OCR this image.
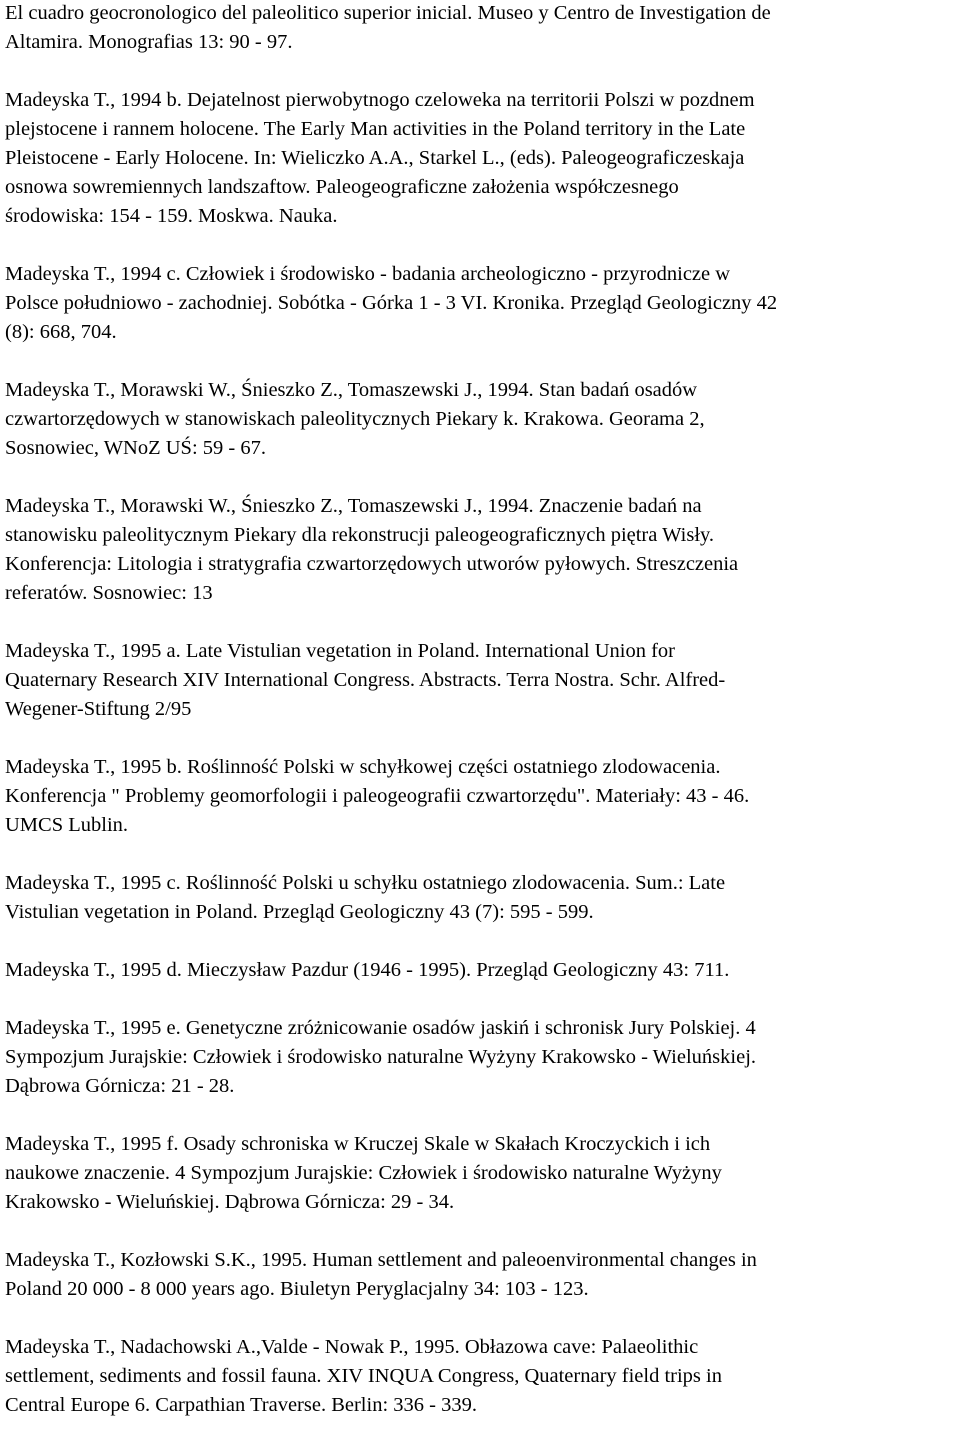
El cuadro geocronologico del paleolitico superior inicial. Museo y Centro de Investigation de
Altamira. Monografias 13: 90 - 97.

Madeyska T., 1994 b. Dejatelnost pierwobytnogo czeloweka na territorii Polszi w pozdnem
plejstocene i rannem holocene. The Early Man activities in the Poland territory in the Late
Pleistocene - Early Holocene. In: Wieliczko A.A., Starkel L., (eds). Paleogeograficzeskaja
osnowa sowremiennych landszaftow. Paleogeograficzne założenia współczesnego
środowiska: 154 - 159. Moskwa. Nauka.

Madeyska T., 1994 c. Człowiek i środowisko - badania archeologiczno - przyrodnicze w
Polsce południowo - zachodniej. Sobótka - Górka 1 - 3 VI. Kronika. Przegląd Geologiczny 42
(8): 668, 704.

Madeyska T., Morawski W., Śnieszko Z., Tomaszewski J., 1994. Stan badań osadów
czwartorzędowych w stanowiskach paleolitycznych Piekary k. Krakowa. Georama 2,
Sosnowiec, WNoZ UŚ: 59 - 67.

Madeyska T., Morawski W., Śnieszko Z., Tomaszewski J., 1994. Znaczenie badań na
stanowisku paleolitycznym Piekary dla rekonstrucji paleogeograficznych piętra Wisły.
Konferencja: Litologia i stratygrafia czwartorzędowych utworów pyłowych. Streszczenia
referatów. Sosnowiec: 13

Madeyska T., 1995 a. Late Vistulian vegetation in Poland. International Union for
Quaternary Research XIV International Congress. Abstracts. Terra Nostra. Schr. Alfred-
Wegener-Stiftung 2/95

Madeyska T., 1995 b. Roślinność Polski w schyłkowej części ostatniego zlodowacenia.
Konferencja " Problemy geomorfologii i paleogeografii czwartorzędu". Materiały: 43 - 46.
UMCS Lublin.

Madeyska T., 1995 c. Roślinność Polski u schyłku ostatniego zlodowacenia. Sum.: Late
Vistulian vegetation in Poland. Przegląd Geologiczny 43 (7): 595 - 599.

Madeyska T., 1995 d. Mieczysław Pazdur (1946 - 1995). Przegląd Geologiczny 43: 711.

Madeyska T., 1995 e. Genetyczne zróżnicowanie osadów jaskiń i schronisk Jury Polskiej. 4
Sympozjum Jurajskie: Człowiek i środowisko naturalne Wyżyny Krakowsko - Wieluńskiej.
Dąbrowa Górnicza: 21 - 28.

Madeyska T., 1995 f. Osady schroniska w Kruczej Skale w Skałach Kroczyckich i ich
naukowe znaczenie. 4 Sympozjum Jurajskie: Człowiek i środowisko naturalne Wyżyny
Krakowsko - Wieluńskiej. Dąbrowa Górnicza: 29 - 34.

Madeyska T., Kozłowski S.K., 1995. Human settlement and paleoenvironmental changes in
Poland 20 000 - 8 000 years ago. Biuletyn Peryglacjalny 34: 103 - 123.

Madeyska T., Nadachowski A.,Valde - Nowak P., 1995. Obłazowa cave: Palaeolithic
settlement, sediments and fossil fauna. XIV INQUA Congress, Quaternary field trips in
Central Europe 6. Carpathian Traverse. Berlin: 336 - 339.
